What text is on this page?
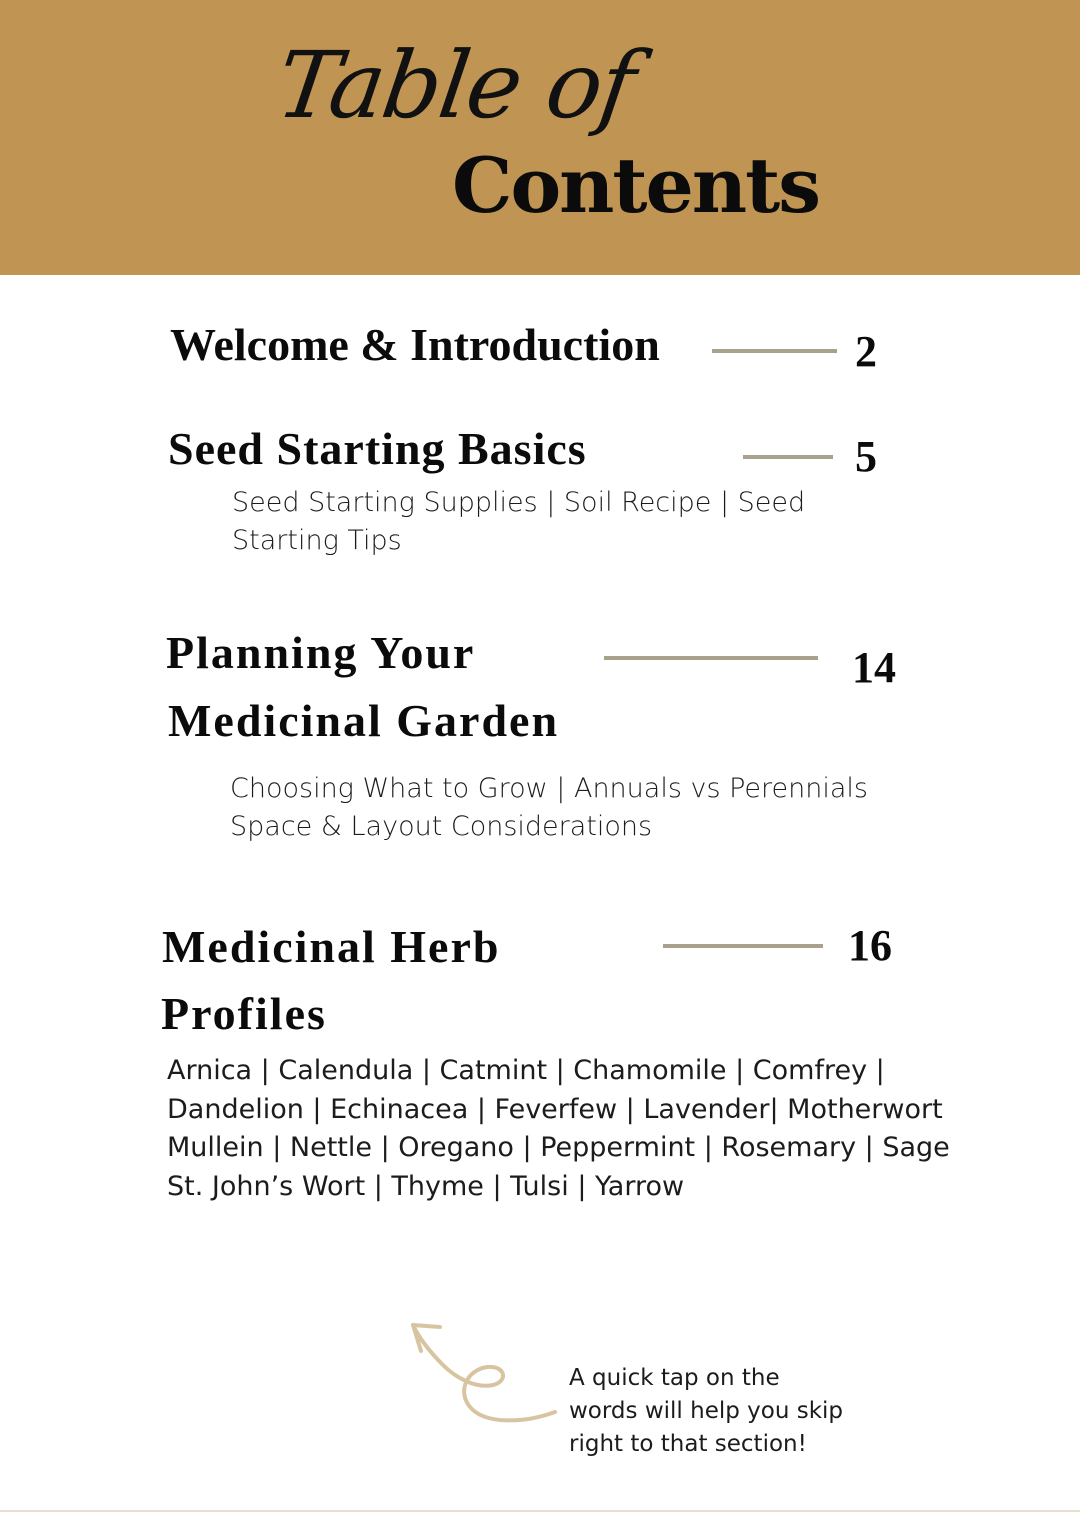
Table of
Contents
Welcome & Introduction	2
Seed Starting Basics	5
Seed Starting Supplies | Soil Recipe | Seed
Starting Tips
Planning Your
Medicinal Garden
14
Choosing What to Grow | Annuals vs Perennials
Space & Layout Considerations
Medicinal Herb
Profiles
16
Arnica | Calendula | Catmint | Chamomile | Comfrey |
Dandelion | Echinacea | Feverfew | Lavender| Motherwort
Mullein | Nettle | Oregano | Peppermint | Rosemary | Sage
St. John’s Wort | Thyme | Tulsi | Yarrow
A quick tap on the
words will help you skip
right to that section!
